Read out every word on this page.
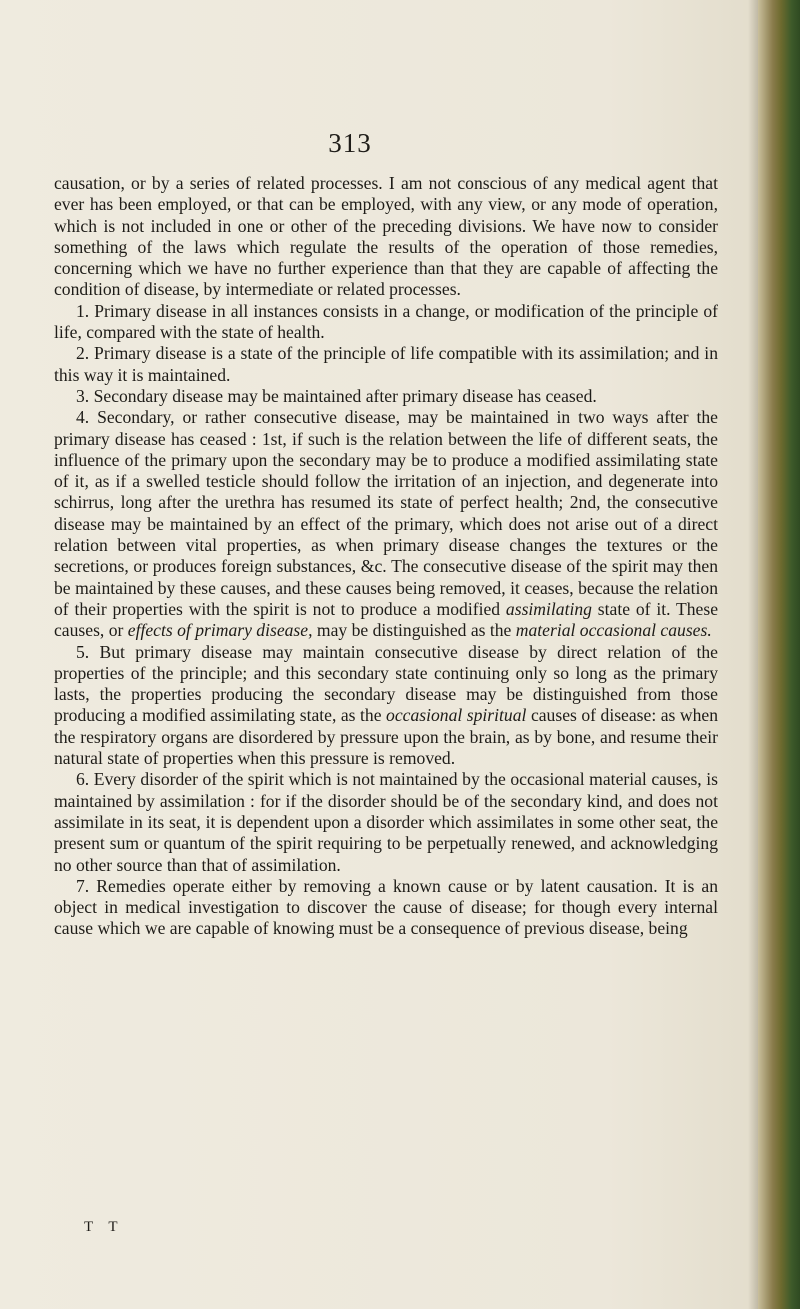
313

causation, or by a series of related processes. I am not conscious of any medical agent that ever has been employed, or that can be employed, with any view, or any mode of operation, which is not included in one or other of the preceding divisions. We have now to consider something of the laws which regulate the results of the operation of those remedies, concerning which we have no further experience than that they are capable of affecting the condition of disease, by intermediate or related processes.

1. Primary disease in all instances consists in a change, or modification of the principle of life, compared with the state of health.

2. Primary disease is a state of the principle of life compatible with its assimilation; and in this way it is maintained.

3. Secondary disease may be maintained after primary disease has ceased.

4. Secondary, or rather consecutive disease, may be maintained in two ways after the primary disease has ceased : 1st, if such is the relation between the life of different seats, the influence of the primary upon the secondary may be to produce a modified assimilating state of it, as if a swelled testicle should follow the irritation of an injection, and degenerate into schirrus, long after the urethra has resumed its state of perfect health; 2nd, the consecutive disease may be maintained by an effect of the primary, which does not arise out of a direct relation between vital properties, as when primary disease changes the textures or the secretions, or produces foreign substances, &c. The consecutive disease of the spirit may then be maintained by these causes, and these causes being removed, it ceases, because the relation of their properties with the spirit is not to produce a modified assimilating state of it. These causes, or effects of primary disease, may be distinguished as the material occasional causes.

5. But primary disease may maintain consecutive disease by direct relation of the properties of the principle; and this secondary state continuing only so long as the primary lasts, the properties producing the secondary disease may be distinguished from those producing a modified assimilating state, as the occasional spiritual causes of disease: as when the respiratory organs are disordered by pressure upon the brain, as by bone, and resume their natural state of properties when this pressure is removed.

6. Every disorder of the spirit which is not maintained by the occasional material causes, is maintained by assimilation : for if the disorder should be of the secondary kind, and does not assimilate in its seat, it is dependent upon a disorder which assimilates in some other seat, the present sum or quantum of the spirit requiring to be perpetually renewed, and acknowledging no other source than that of assimilation.

7. Remedies operate either by removing a known cause or by latent causation. It is an object in medical investigation to discover the cause of disease; for though every internal cause which we are capable of knowing must be a consequence of previous disease, being

T T
